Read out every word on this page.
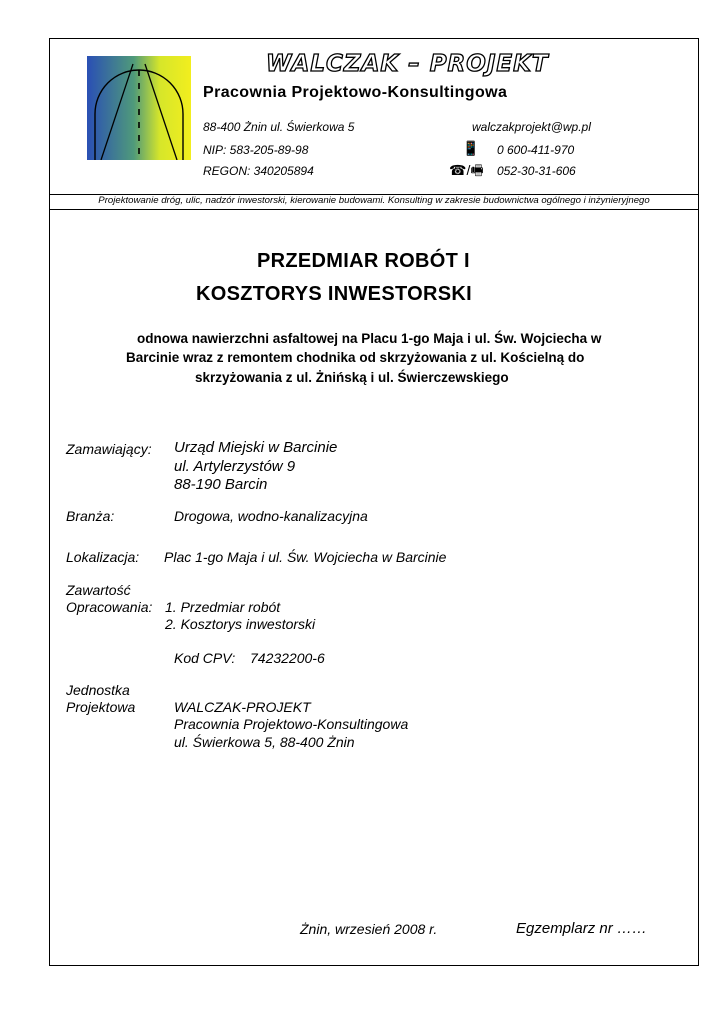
WALCZAK – PROJEKT
Pracownia Projektowo-Konsultingowa
88-400 Żnin ul. Świerkowa 5	walczakprojekt@wp.pl
NIP: 583-205-89-98
REGON: 340205894
📱 0 600-411-970
☎/🖷 052-30-31-606
Projektowanie dróg, ulic, nadzór inwestorski, kierowanie budowami. Konsulting w zakresie budownictwa ogólnego i inżynieryjnego
PRZEDMIAR ROBÓT I
KOSZTORYS INWESTORSKI
odnowa nawierzchni asfaltowej na Placu 1-go Maja i ul. Św. Wojciecha w
Barcinie wraz z remontem chodnika od skrzyżowania z ul. Kościelną do
skrzyżowania z ul. Żnińską i ul. Świerczewskiego
Zamawiający: Urząd Miejski w Barcinie
ul. Artylerzystów 9
88-190 Barcin
Branża:	Drogowa, wodno-kanalizacyjna
Lokalizacja: Plac 1-go Maja i ul. Św. Wojciecha w Barcinie
Zawartość
Opracowania: 1. Przedmiar robót
2. Kosztorys inwestorski
Kod CPV: 74232200-6
Jednostka
Projektowa	WALCZAK-PROJEKT
Pracownia Projektowo-Konsultingowa
ul. Świerkowa 5, 88-400 Żnin
Żnin, wrzesień 2008 r.	Egzemplarz nr ……
